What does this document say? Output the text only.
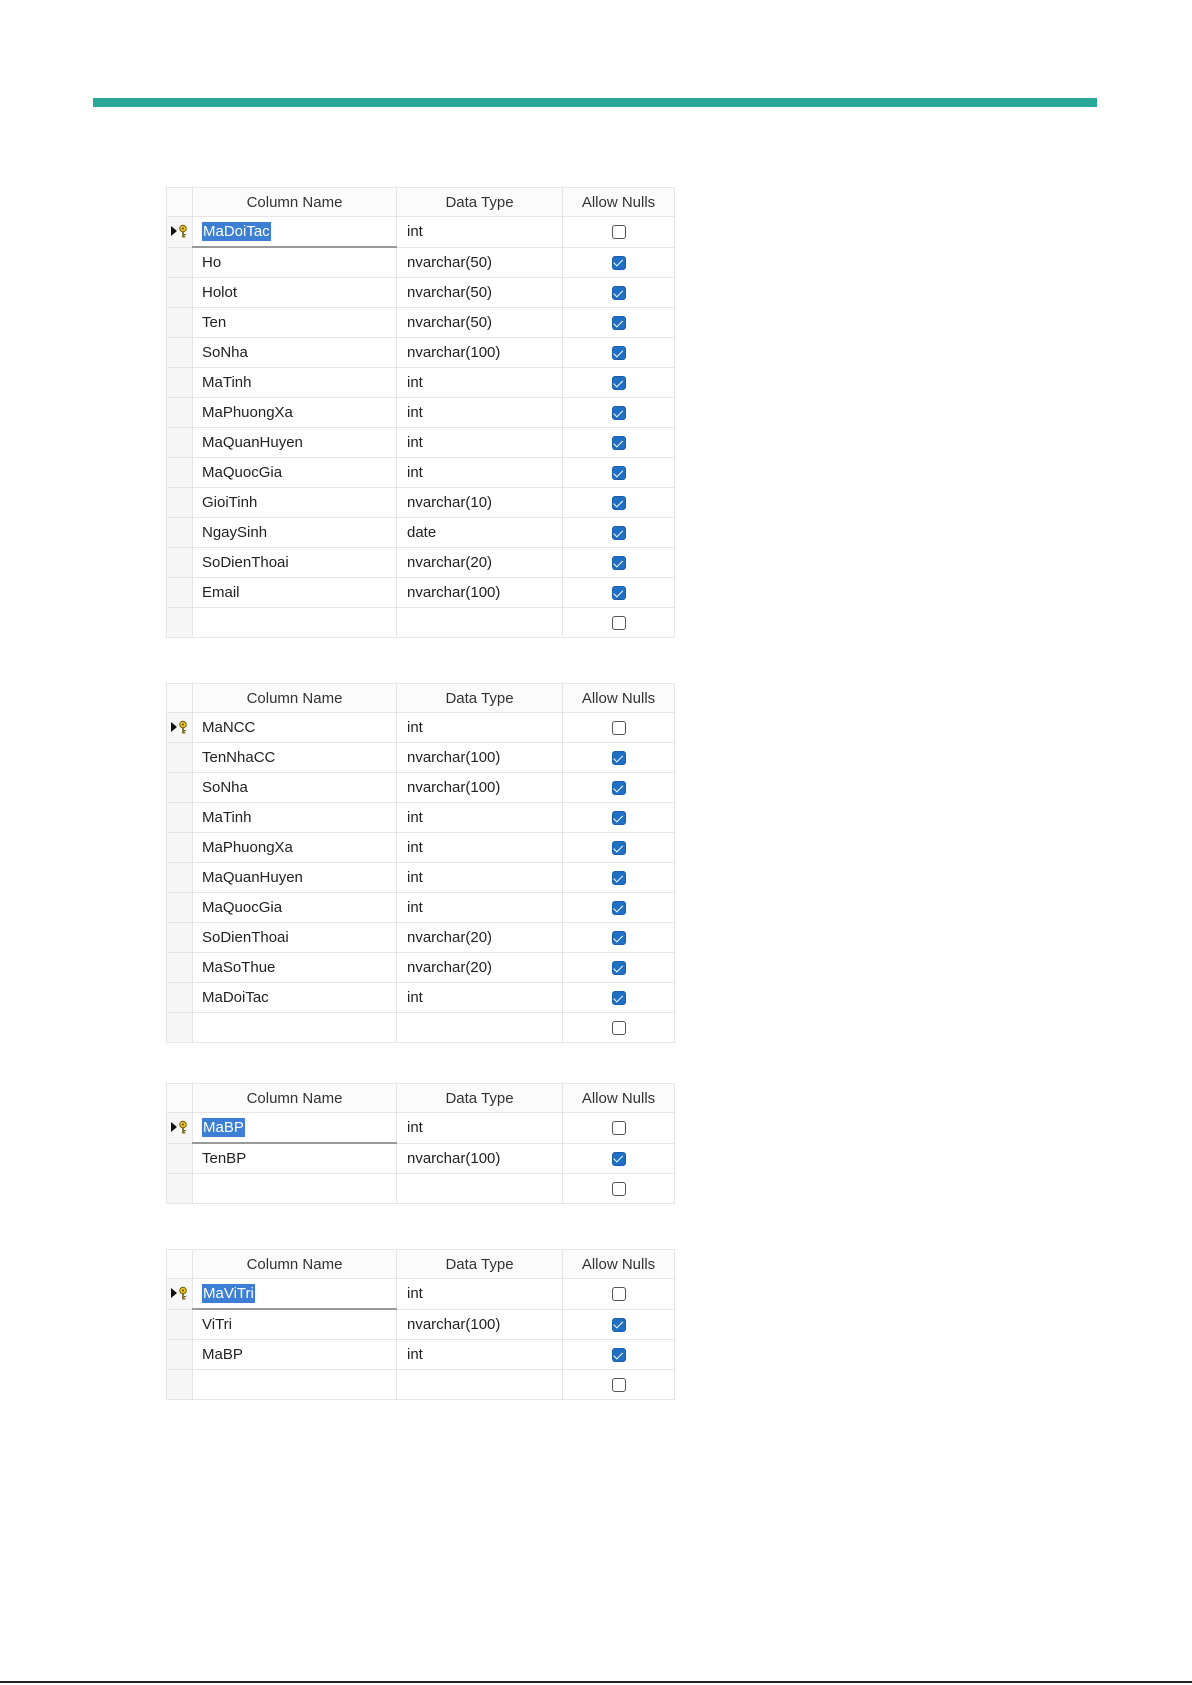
	Column Name	Data Type	Allow Nulls

	MaDoiTac	int	
	Ho	nvarchar(50)	
	Holot	nvarchar(50)	
	Ten	nvarchar(50)	
	SoNha	nvarchar(100)	
	MaTinh	int	
	MaPhuongXa	int	
	MaQuanHuyen	int	
	MaQuocGia	int	
	GioiTinh	nvarchar(10)	
	NgaySinh	date	
	SoDienThoai	nvarchar(20)	
	Email	nvarchar(100)	

	Column Name	Data Type	Allow Nulls

	MaNCC	int	
	TenNhaCC	nvarchar(100)	
	SoNha	nvarchar(100)	
	MaTinh	int	
	MaPhuongXa	int	
	MaQuanHuyen	int	
	MaQuocGia	int	
	SoDienThoai	nvarchar(20)	
	MaSoThue	nvarchar(20)	
	MaDoiTac	int	

	Column Name	Data Type	Allow Nulls

	MaBP	int	
	TenBP	nvarchar(100)	

	Column Name	Data Type	Allow Nulls

	MaViTri	int	
	ViTri	nvarchar(100)	
	MaBP	int	
